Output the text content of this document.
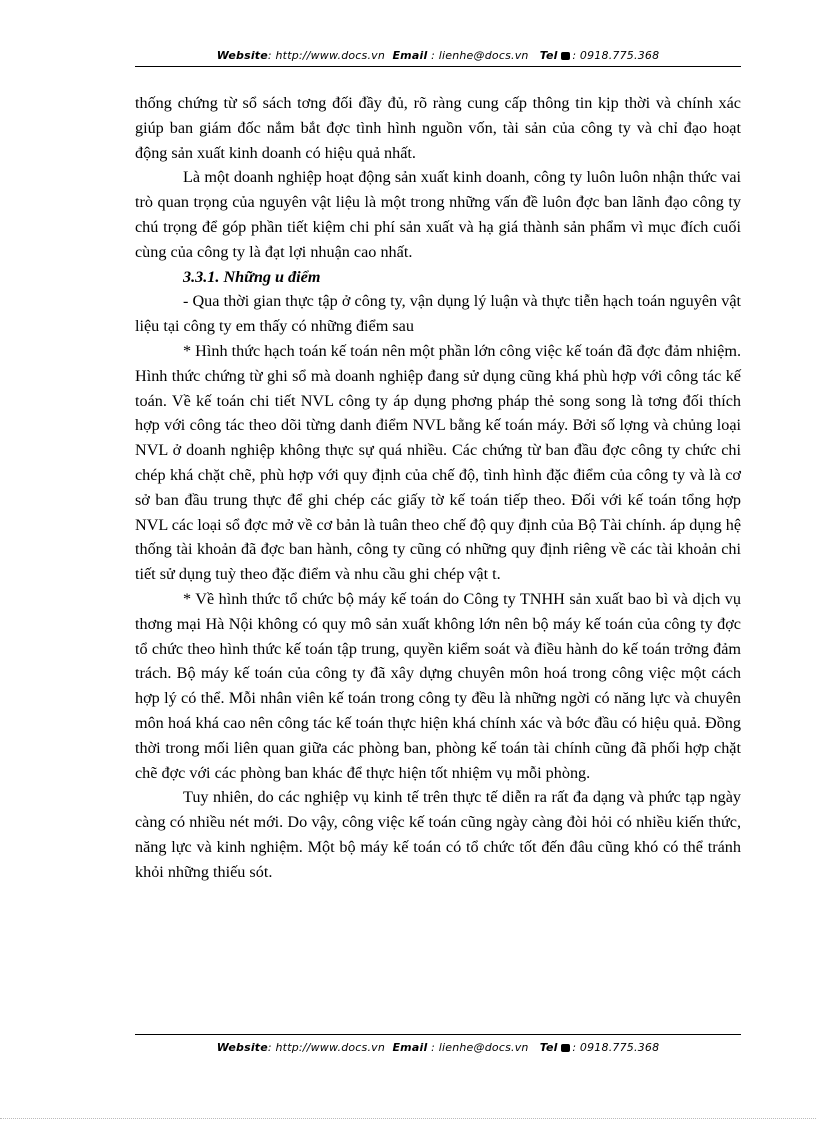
Website: http://www.docs.vn Email : lienhe@docs.vn Tel : 0918.775.368

thống chứng từ sổ sách tơng đối đầy đủ, rõ ràng cung cấp thông tin kịp thời và chính xác giúp ban giám đốc nắm bắt đợc tình hình nguồn vốn, tài sản của công ty và chỉ đạo hoạt động sản xuất kinh doanh có hiệu quả nhất.

Là một doanh nghiệp hoạt động sản xuất kinh doanh, công ty luôn luôn nhận thức vai trò quan trọng của nguyên vật liệu là một trong những vấn đề luôn đợc ban lãnh đạo công ty chú trọng để góp phần tiết kiệm chi phí sản xuất và hạ giá thành sản phẩm vì mục đích cuối cùng của công ty là đạt lợi nhuận cao nhất.

3.3.1. Những u điểm

- Qua thời gian thực tập ở công ty, vận dụng lý luận và thực tiễn hạch toán nguyên vật liệu tại công ty em thấy có những điểm sau

* Hình thức hạch toán kế toán nên một phần lớn công việc kế toán đã đợc đảm nhiệm. Hình thức chứng từ ghi sổ mà doanh nghiệp đang sử dụng cũng khá phù hợp với công tác kế toán. Về kế toán chi tiết NVL công ty áp dụng phơng pháp thẻ song song là tơng đối thích hợp với công tác theo dõi từng danh điểm NVL bằng kế toán máy. Bởi số lợng và chủng loại NVL ở doanh nghiệp không thực sự quá nhiều. Các chứng từ ban đầu đợc công ty chức chi chép khá chặt chẽ, phù hợp với quy định của chế độ, tình hình đặc điểm của công ty và là cơ sở ban đầu trung thực để ghi chép các giấy tờ kế toán tiếp theo. Đối với kế toán tổng hợp NVL các loại sổ đợc mở về cơ bản là tuân theo chế độ quy định của Bộ Tài chính. áp dụng hệ thống tài khoản đã đợc ban hành, công ty cũng có những quy định riêng về các tài khoản chi tiết sử dụng tuỳ theo đặc điểm và nhu cầu ghi chép vật t.

* Về hình thức tổ chức bộ máy kế toán do Công ty TNHH sản xuất bao bì và dịch vụ thơng mại Hà Nội không có quy mô sản xuất không lớn nên bộ máy kế toán của công ty đợc tổ chức theo hình thức kế toán tập trung, quyền kiểm soát và điều hành do kế toán trởng đảm trách. Bộ máy kế toán của công ty đã xây dựng chuyên môn hoá trong công việc một cách hợp lý có thể. Mỗi nhân viên kế toán trong công ty đều là những ngời có năng lực và chuyên môn hoá khá cao nên công tác kế toán thực hiện khá chính xác và bớc đầu có hiệu quả. Đồng thời trong mối liên quan giữa các phòng ban, phòng kế toán tài chính cũng đã phối hợp chặt chẽ đợc với các phòng ban khác để thực hiện tốt nhiệm vụ mỗi phòng.

Tuy nhiên, do các nghiệp vụ kinh tế trên thực tế diễn ra rất đa dạng và phức tạp ngày càng có nhiều nét mới. Do vậy, công việc kế toán cũng ngày càng đòi hỏi có nhiều kiến thức, năng lực và kinh nghiệm. Một bộ máy kế toán có tổ chức tốt đến đâu cũng khó có thể tránh khỏi những thiếu sót.

Website: http://www.docs.vn Email : lienhe@docs.vn Tel : 0918.775.368
